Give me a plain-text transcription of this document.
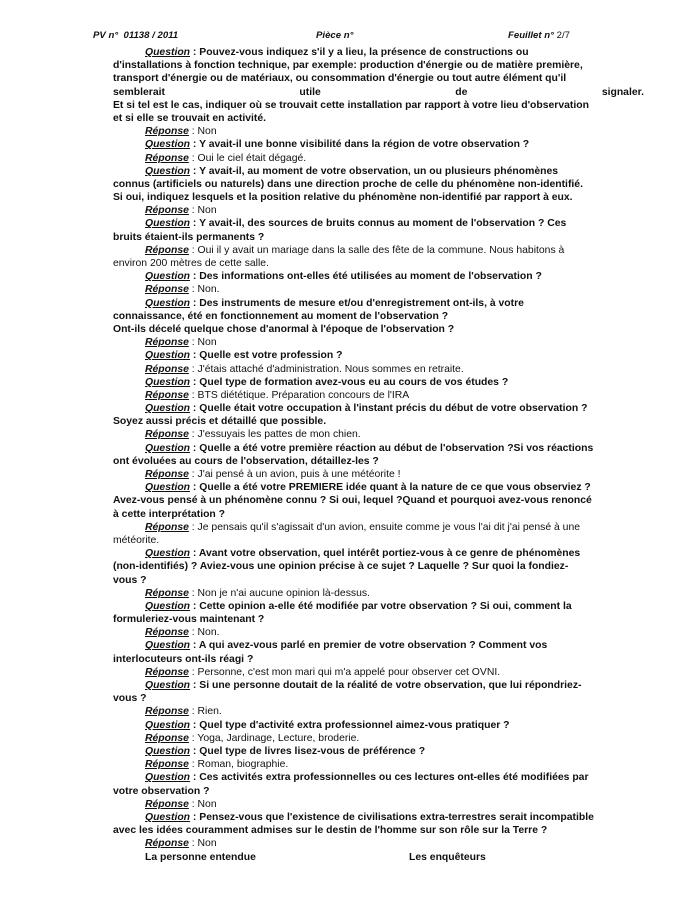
PV n° 01138 / 2011	Pièce n°	Feuillet n° 2/7
Question : Pouvez-vous indiquez s'il y a lieu, la présence de constructions ou
d'installations à fonction technique, par exemple: production d'énergie ou de matière première,
transport d'énergie ou de matériaux, ou consommation d'énergie ou tout autre élément qu'il
semblerait	utile	de	signaler.
Et si tel est le cas, indiquer où se trouvait cette installation par rapport à votre lieu d'observation
et si elle se trouvait en activité.
Réponse : Non
Question : Y avait-il une bonne visibilité dans la région de votre observation ?
Réponse : Oui le ciel était dégagé.
Question : Y avait-il, au moment de votre observation, un ou plusieurs phénomènes
connus (artificiels ou naturels) dans une direction proche de celle du phénomène non-identifié.
Si oui, indiquez lesquels et la position relative du phénomène non-identifié par rapport à eux.
Réponse : Non
Question : Y avait-il, des sources de bruits connus au moment de l'observation ? Ces
bruits étaient-ils permanents ?
Réponse : Oui il y avait un mariage dans la salle des fête de la commune. Nous habitons à
environ 200 mètres de cette salle.
Question : Des informations ont-elles été utilisées au moment de l'observation ?
Réponse : Non.
Question : Des instruments de mesure et/ou d'enregistrement ont-ils, à votre
connaissance, été en fonctionnement au moment de l'observation ?
Ont-ils décelé quelque chose d'anormal à l'époque de l'observation ?
Réponse : Non
Question : Quelle est votre profession ?
Réponse : J'étais attaché d'administration. Nous sommes en retraite.
Question : Quel type de formation avez-vous eu au cours de vos études ?
Réponse : BTS diététique. Préparation concours de l'IRA
Question : Quelle était votre occupation à l'instant précis du début de votre observation ?
Soyez aussi précis et détaillé que possible.
Réponse : J'essuyais les pattes de mon chien.
Question : Quelle a été votre première réaction au début de l'observation ?Si vos réactions
ont évoluées au cours de l'observation, détaillez-les ?
Réponse : J'ai pensé à un avion, puis à une météorite !
Question : Quelle a été votre PREMIERE idée quant à la nature de ce que vous observiez ?
Avez-vous pensé à un phénomène connu ? Si oui, lequel ?Quand et pourquoi avez-vous renoncé
à cette interprétation ?
Réponse : Je pensais qu'il s'agissait d'un avion, ensuite comme je vous l'ai dit j'ai pensé à une
météorite.
Question : Avant votre observation, quel intérêt portiez-vous à ce genre de phénomènes
(non-identifiés) ? Aviez-vous une opinion précise à ce sujet ? Laquelle ? Sur quoi la fondiez-
vous ?
Réponse : Non je n'ai aucune opinion là-dessus.
Question : Cette opinion a-elle été modifiée par votre observation ? Si oui, comment la
formuleriez-vous maintenant ?
Réponse : Non.
Question : A qui avez-vous parlé en premier de votre observation ? Comment vos
interlocuteurs ont-ils réagi ?
Réponse : Personne, c'est mon mari qui m'a appelé pour observer cet OVNI.
Question : Si une personne doutait de la réalité de votre observation, que lui répondriez-
vous ?
Réponse : Rien.
Question : Quel type d'activité extra professionnel aimez-vous pratiquer ?
Réponse : Yoga, Jardinage, Lecture, broderie.
Question : Quel type de livres lisez-vous de préférence ?
Réponse : Roman, biographie.
Question : Ces activités extra professionnelles ou ces lectures ont-elles été modifiées par
votre observation ?
Réponse : Non
Question : Pensez-vous que l'existence de civilisations extra-terrestres serait incompatible
avec les idées couramment admises sur le destin de l'homme sur son rôle sur la Terre ?
Réponse : Non
La personne entendue	Les enquêteurs
